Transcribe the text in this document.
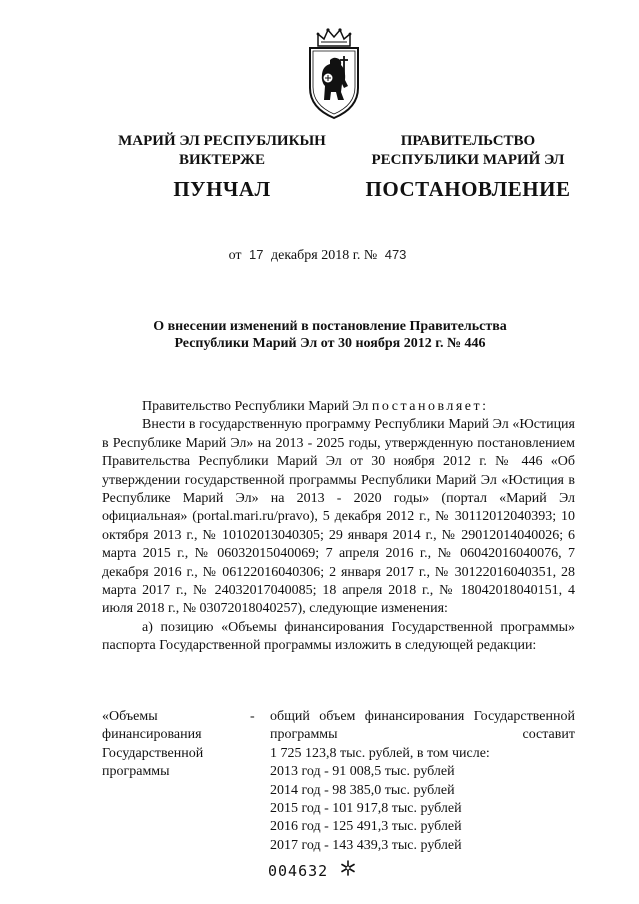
МАРИЙ ЭЛ РЕСПУБЛИКЫН
ВИКТЕРЖЕ
ПРАВИТЕЛЬСТВО
РЕСПУБЛИКИ МАРИЙ ЭЛ
ПУНЧАЛ	ПОСТАНОВЛЕНИЕ
от 17 декабря 2018 г. № 473
О внесении изменений в постановление Правительства
Республики Марий Эл от 30 ноября 2012 г. № 446

Правительство Республики Марий Эл постановляет:

Внести в государственную программу Республики Марий Эл «Юстиция в Республике Марий Эл» на 2013 - 2025 годы, утвержденную постановлением Правительства Республики Марий Эл от 30 ноября 2012 г. № 446 «Об утверждении государственной программы Республики Марий Эл «Юстиция в Республике Марий Эл» на 2013 - 2020 годы» (портал «Марий Эл официальная» (portal.mari.ru/pravo), 5 декабря 2012 г., № 30112012040393; 10 октября 2013 г., № 10102013040305; 29 января 2014 г., № 29012014040026; 6 марта 2015 г., № 06032015040069; 7 апреля 2016 г., № 06042016040076, 7 декабря 2016 г., № 06122016040306; 2 января 2017 г., № 30122016040351, 28 марта 2017 г., № 24032017040085; 18 апреля 2018 г., № 18042018040151, 4 июля 2018 г., № 03072018040257), следующие изменения:

а) позицию «Объемы финансирования Государственной программы» паспорта Государственной программы изложить в следующей редакции:

«Объемы
финансирования
Государственной
программы
- общий объем финансирования Государственной программы составит
1 725 123,8 тыс. рублей, в том числе:
2013 год - 91 008,5 тыс. рублей
2014 год - 98 385,0 тыс. рублей
2015 год - 101 917,8 тыс. рублей
2016 год - 125 491,3 тыс. рублей
2017 год - 143 439,3 тыс. рублей
004632
